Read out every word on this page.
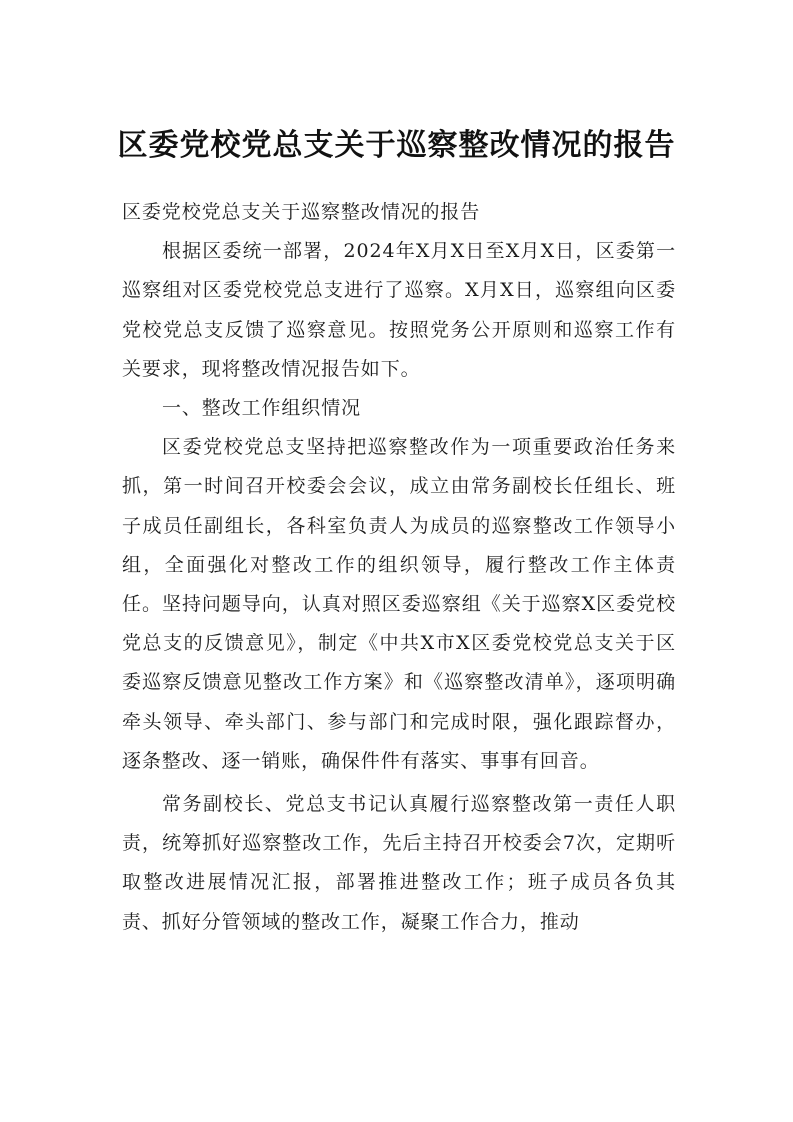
区委党校党总支关于巡察整改情况的报告

区委党校党总支关于巡察整改情况的报告

根据区委统一部署，2024年X月X日至X月X日，区委第一巡察组对区委党校党总支进行了巡察。X月X日，巡察组向区委党校党总支反馈了巡察意见。按照党务公开原则和巡察工作有关要求，现将整改情况报告如下。

一、整改工作组织情况

区委党校党总支坚持把巡察整改作为一项重要政治任务来抓，第一时间召开校委会会议，成立由常务副校长任组长、班子成员任副组长，各科室负责人为成员的巡察整改工作领导小组，全面强化对整改工作的组织领导，履行整改工作主体责任。坚持问题导向，认真对照区委巡察组《关于巡察X区委党校党总支的反馈意见》，制定《中共X市X区委党校党总支关于区委巡察反馈意见整改工作方案》和《巡察整改清单》，逐项明确牵头领导、牵头部门、参与部门和完成时限，强化跟踪督办，逐条整改、逐一销账，确保件件有落实、事事有回音。

常务副校长、党总支书记认真履行巡察整改第一责任人职责，统筹抓好巡察整改工作，先后主持召开校委会7次，定期听取整改进展情况汇报，部署推进整改工作；班子成员各负其责、抓好分管领域的整改工作，凝聚工作合力，推动
